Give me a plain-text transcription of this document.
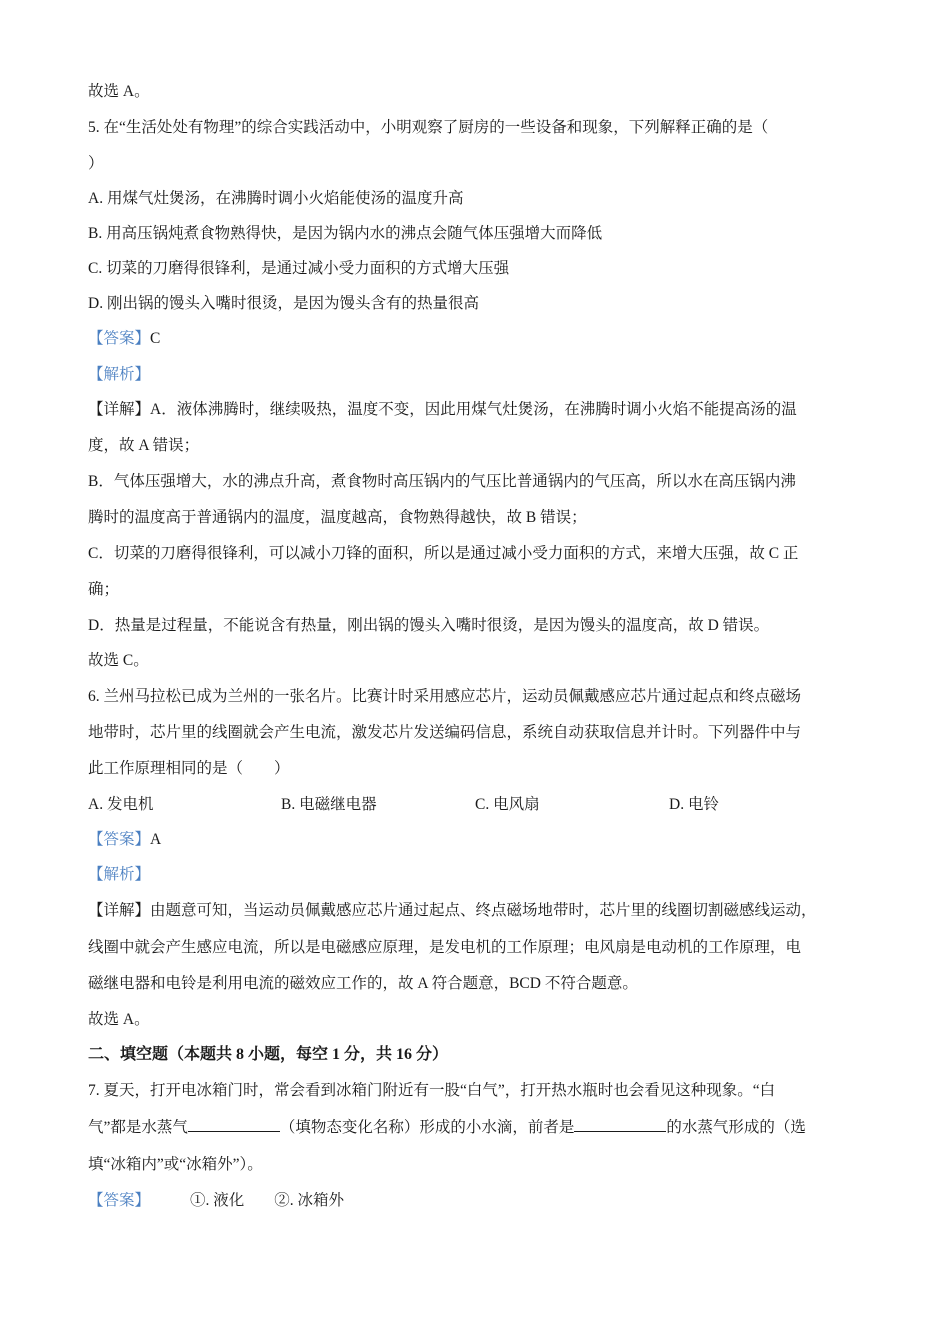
故选 A。
5. 在“生活处处有物理”的综合实践活动中，小明观察了厨房的一些设备和现象，下列解释正确的是（
）
A. 用煤气灶煲汤，在沸腾时调小火焰能使汤的温度升高
B. 用高压锅炖煮食物熟得快，是因为锅内水的沸点会随气体压强增大而降低
C. 切菜的刀磨得很锋利，是通过减小受力面积的方式增大压强
D. 刚出锅的馒头入嘴时很烫，是因为馒头含有的热量很高
【答案】C
【解析】
【详解】A．液体沸腾时，继续吸热，温度不变，因此用煤气灶煲汤，在沸腾时调小火焰不能提高汤的温
度，故 A 错误；
B．气体压强增大，水的沸点升高，煮食物时高压锅内的气压比普通锅内的气压高，所以水在高压锅内沸
腾时的温度高于普通锅内的温度，温度越高，食物熟得越快，故 B 错误；
C．切菜的刀磨得很锋利，可以减小刀锋的面积，所以是通过减小受力面积的方式，来增大压强，故 C 正
确；
D．热量是过程量，不能说含有热量，刚出锅的馒头入嘴时很烫，是因为馒头的温度高，故 D 错误。
故选 C。
6. 兰州马拉松已成为兰州的一张名片。比赛计时采用感应芯片，运动员佩戴感应芯片通过起点和终点磁场
地带时，芯片里的线圈就会产生电流，激发芯片发送编码信息，系统自动获取信息并计时。下列器件中与
此工作原理相同的是（　　）
A. 发电机	B. 电磁继电器	C. 电风扇	D. 电铃
【答案】A
【解析】
【详解】由题意可知，当运动员佩戴感应芯片通过起点、终点磁场地带时，芯片里的线圈切割磁感线运动，
线圈中就会产生感应电流，所以是电磁感应原理，是发电机的工作原理；电风扇是电动机的工作原理，电
磁继电器和电铃是利用电流的磁效应工作的，故 A 符合题意，BCD 不符合题意。
故选 A。
二、填空题（本题共 8 小题，每空 1 分，共 16 分）
7. 夏天，打开电冰箱门时，常会看到冰箱门附近有一股“白气”，打开热水瓶时也会看见这种现象。“白
气”都是水蒸气	（填物态变化名称）形成的小水滴，前者是	的水蒸气形成的（选
填“冰箱内”或“冰箱外”）。
【答案】	①. 液化 ②. 冰箱外
